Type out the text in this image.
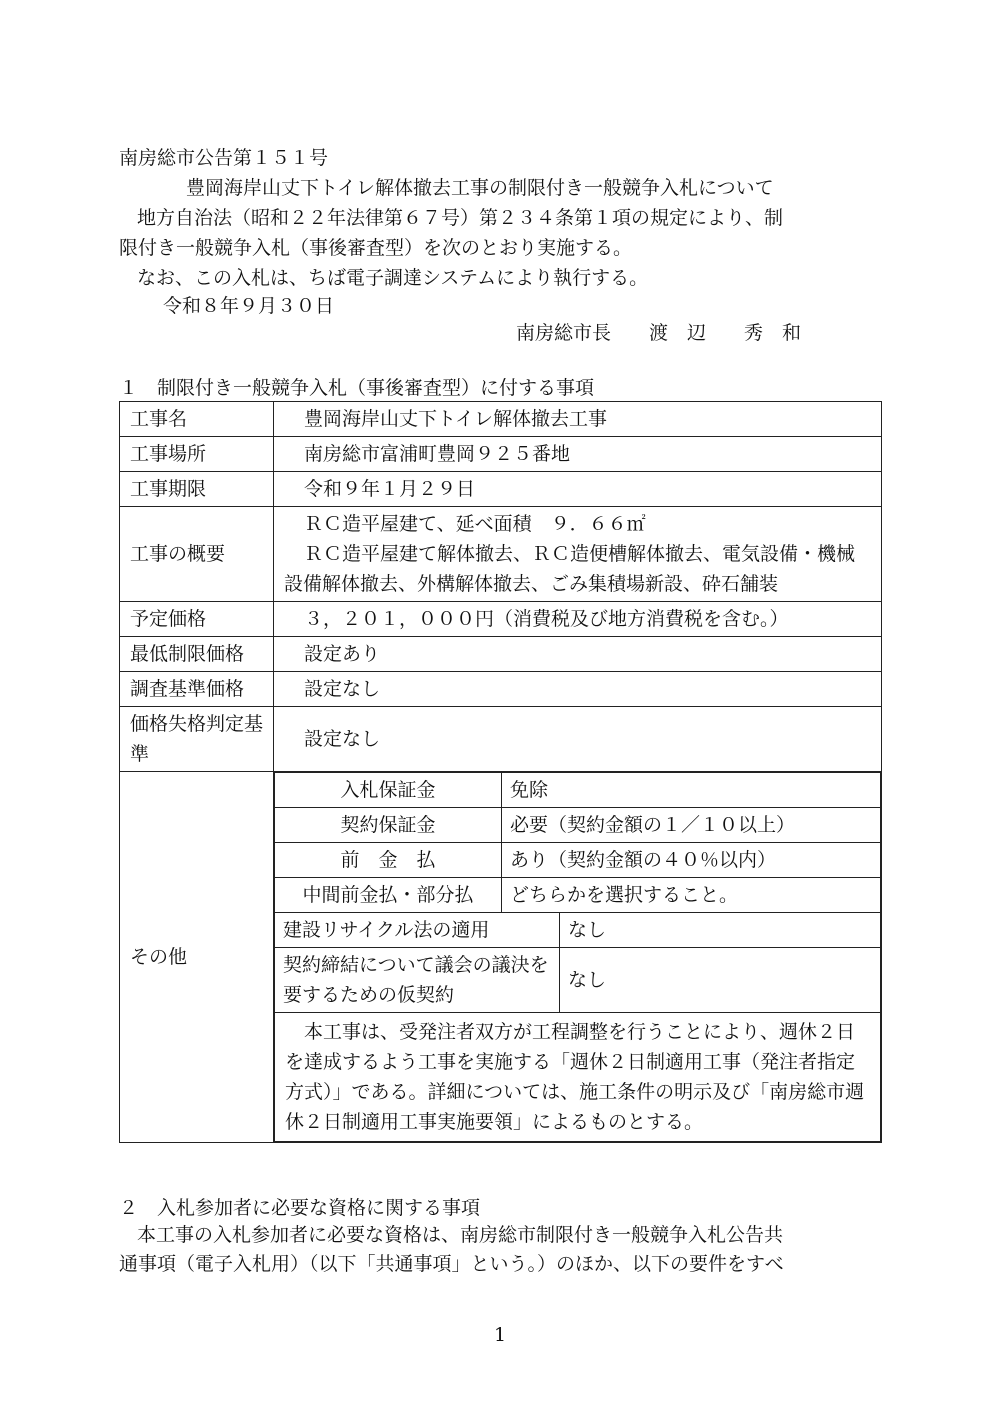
南房総市公告第１５１号
豊岡海岸山丈下トイレ解体撤去工事の制限付き一般競争入札について
地方自治法（昭和２２年法律第６７号）第２３４条第１項の規定により、制
限付き一般競争入札（事後審査型）を次のとおり実施する。
なお、この入札は、ちば電子調達システムにより執行する。
令和８年９月３０日
南房総市長　　渡　辺　　秀　和
１　制限付き一般競争入札（事後審査型）に付する事項
工事名	豊岡海岸山丈下トイレ解体撤去工事
工事場所	南房総市富浦町豊岡９２５番地
工事期限	令和９年１月２９日
工事の概要	
ＲＣ造平屋建て、延べ面積　９．６６㎡
ＲＣ造平屋建て解体撤去、ＲＣ造便槽解体撤去、電気設備・機械設備解体撤去、外構解体撤去、ごみ集積場新設、砕石舗装

予定価格	３，２０１，０００円（消費税及び地方消費税を含む。）
最低制限価格	設定あり
調査基準価格	設定なし
価格失格判定基準	設定なし
その他	
入札保証金	免除
契約保証金	必要（契約金額の１／１０以上）
前　金　払	あり（契約金額の４０％以内）
中間前金払・部分払	どちらかを選択すること。
建設リサイクル法の適用	なし
契約締結について議会の議決を要するための仮契約	なし
本工事は、受発注者双方が工程調整を行うことにより、週休２日を達成するよう工事を実施する「週休２日制適用工事（発注者指定方式）」である。詳細については、施工条件の明示及び「南房総市週休２日制適用工事実施要領」によるものとする。
２　入札参加者に必要な資格に関する事項
本工事の入札参加者に必要な資格は、南房総市制限付き一般競争入札公告共
通事項（電子入札用）（以下「共通事項」という。）のほか、以下の要件をすべ
1
